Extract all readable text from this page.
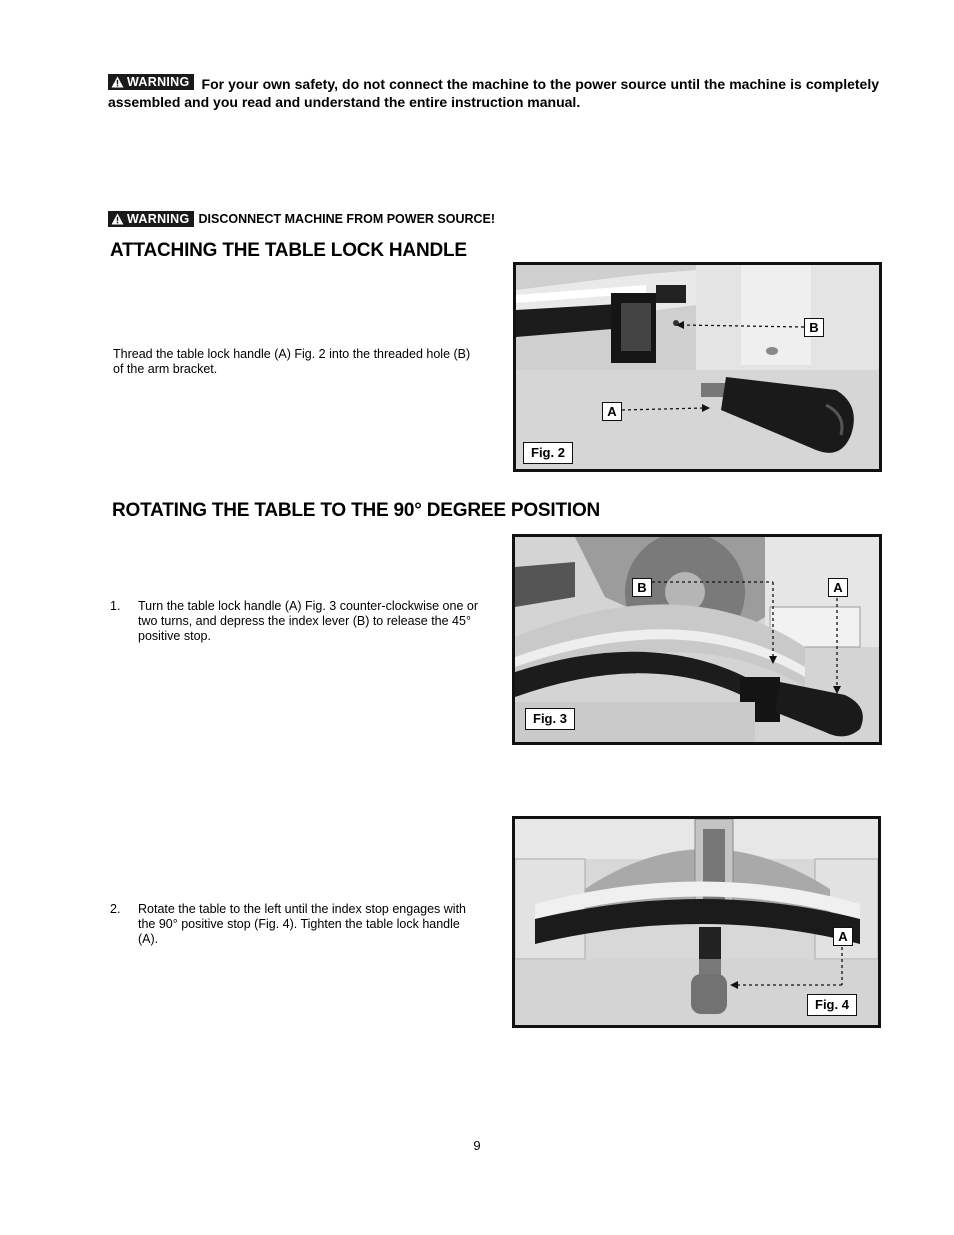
WARNING For your own safety, do not connect the machine to the power source until the machine is completely assembled and you read and understand the entire instruction manual.
WARNING DISCONNECT MACHINE FROM POWER SOURCE!
ATTACHING THE TABLE LOCK HANDLE
Thread the table lock handle (A) Fig. 2 into the threaded hole (B) of the arm bracket.
B
A
Fig. 2
ROTATING THE TABLE TO THE 90° DEGREE POSITION
1.	Turn the table lock handle (A) Fig. 3 counter-clockwise one or two turns, and depress the index lever (B) to release the 45° positive stop.
B	A
Fig. 3
2.	Rotate the table to the left until the index stop engages with the 90° positive stop (Fig. 4). Tighten the table lock handle (A).	A
Fig. 4
9
